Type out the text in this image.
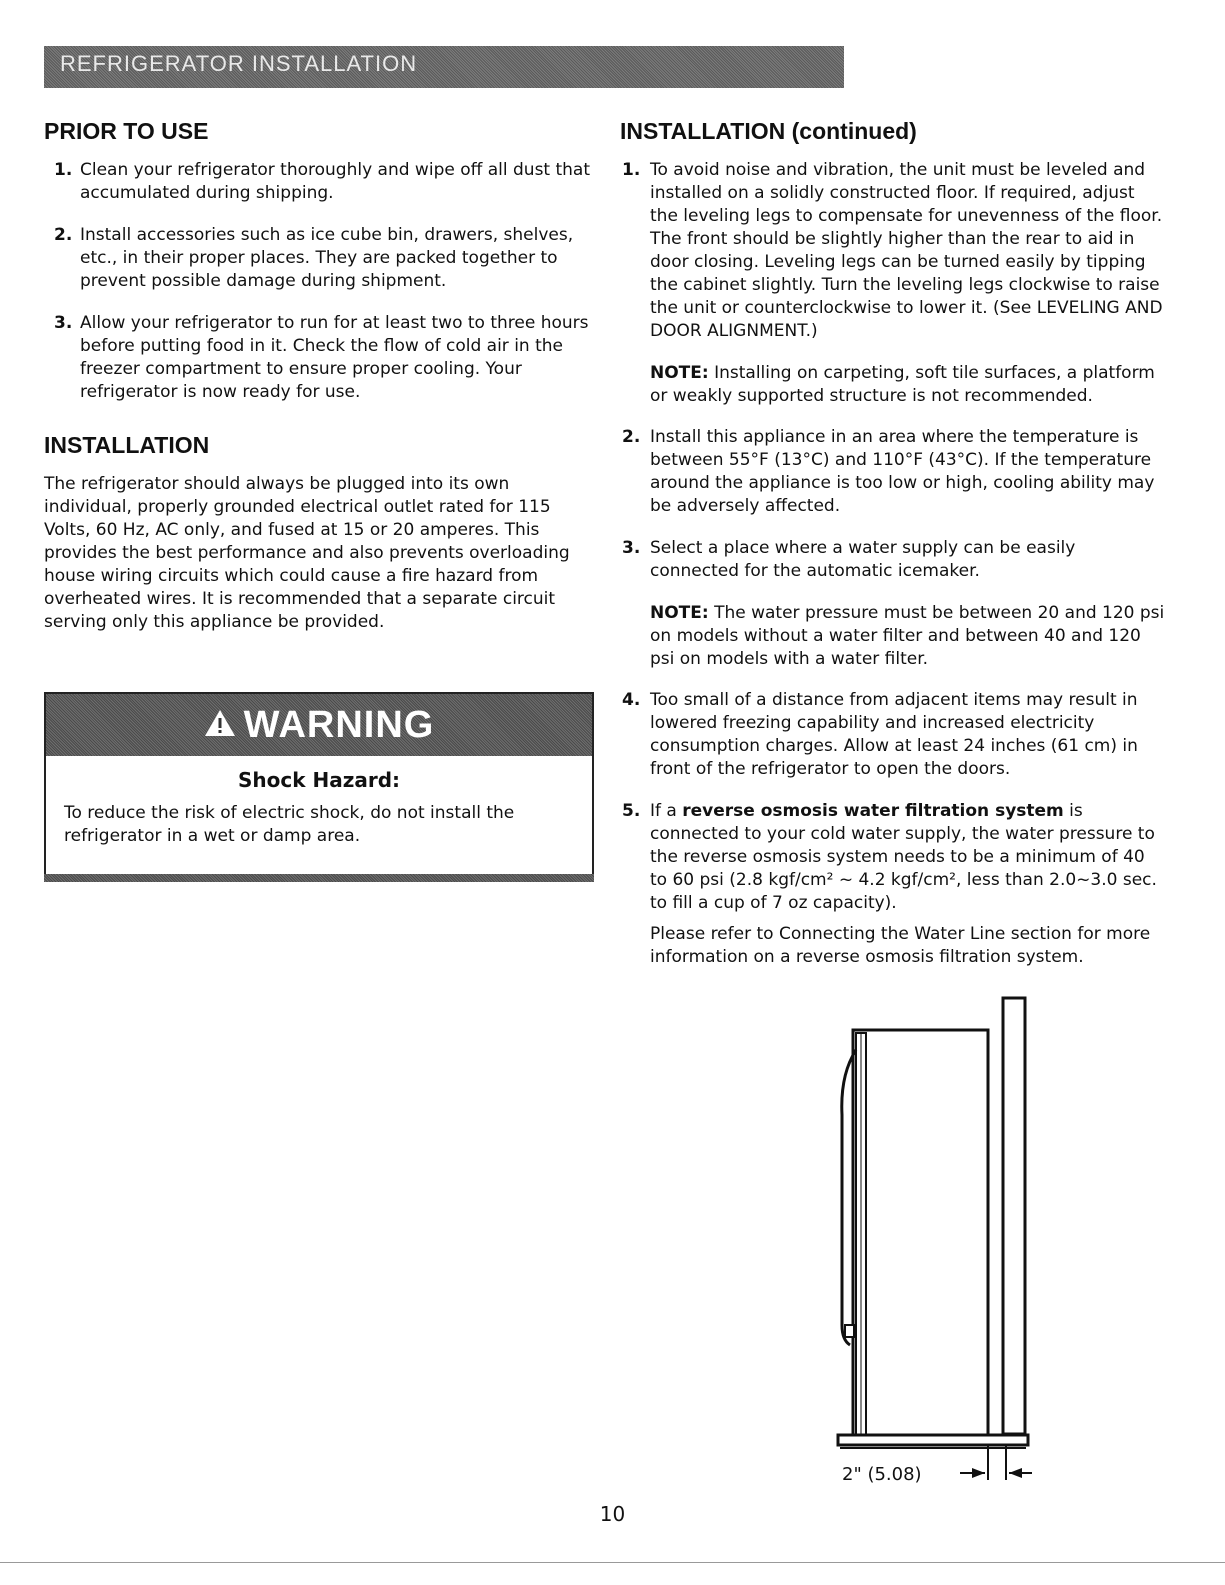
REFRIGERATOR INSTALLATION
PRIOR TO USE
1. Clean your refrigerator thoroughly and wipe off all dust that accumulated during shipping.
2. Install accessories such as ice cube bin, drawers, shelves, etc., in their proper places. They are packed together to prevent possible damage during shipment.
3. Allow your refrigerator to run for at least two to three hours before putting food in it. Check the flow of cold air in the freezer compartment to ensure proper cooling. Your refrigerator is now ready for use.
INSTALLATION

The refrigerator should always be plugged into its own individual, properly grounded electrical outlet rated for 115 Volts, 60 Hz, AC only, and fused at 15 or 20 amperes. This provides the best performance and also prevents overloading house wiring circuits which could cause a fire hazard from overheated wires. It is recommended that a separate circuit serving only this appliance be provided.

WARNING
Shock Hazard:
To reduce the risk of electric shock, do not install the refrigerator in a wet or damp area.
INSTALLATION (continued)
1. To avoid noise and vibration, the unit must be leveled and installed on a solidly constructed floor. If required, adjust the leveling legs to compensate for unevenness of the floor. The front should be slightly higher than the rear to aid in door closing. Leveling legs can be turned easily by tipping the cabinet slightly. Turn the leveling legs clockwise to raise the unit or counterclockwise to lower it. (See LEVELING AND DOOR ALIGNMENT.)

NOTE: Installing on carpeting, soft tile surfaces, a platform or weakly supported structure is not recommended.

2. Install this appliance in an area where the temperature is between 55°F (13°C) and 110°F (43°C). If the temperature around the appliance is too low or high, cooling ability may be adversely affected.
3. Select a place where a water supply can be easily connected for the automatic icemaker.

NOTE: The water pressure must be between 20 and 120 psi on models without a water filter and between 40 and 120 psi on models with a water filter.

4. Too small of a distance from adjacent items may result in lowered freezing capability and increased electricity consumption charges. Allow at least 24 inches (61 cm) in front of the refrigerator to open the doors.
5. If a reverse osmosis water filtration system is connected to your cold water supply, the water pressure to the reverse osmosis system needs to be a minimum of 40 to 60 psi (2.8 kgf/cm² ~ 4.2 kgf/cm², less than 2.0~3.0 sec. to fill a cup of 7 oz capacity).

Please refer to Connecting the Water Line section for more information on a reverse osmosis filtration system.

2" (5.08)
10
